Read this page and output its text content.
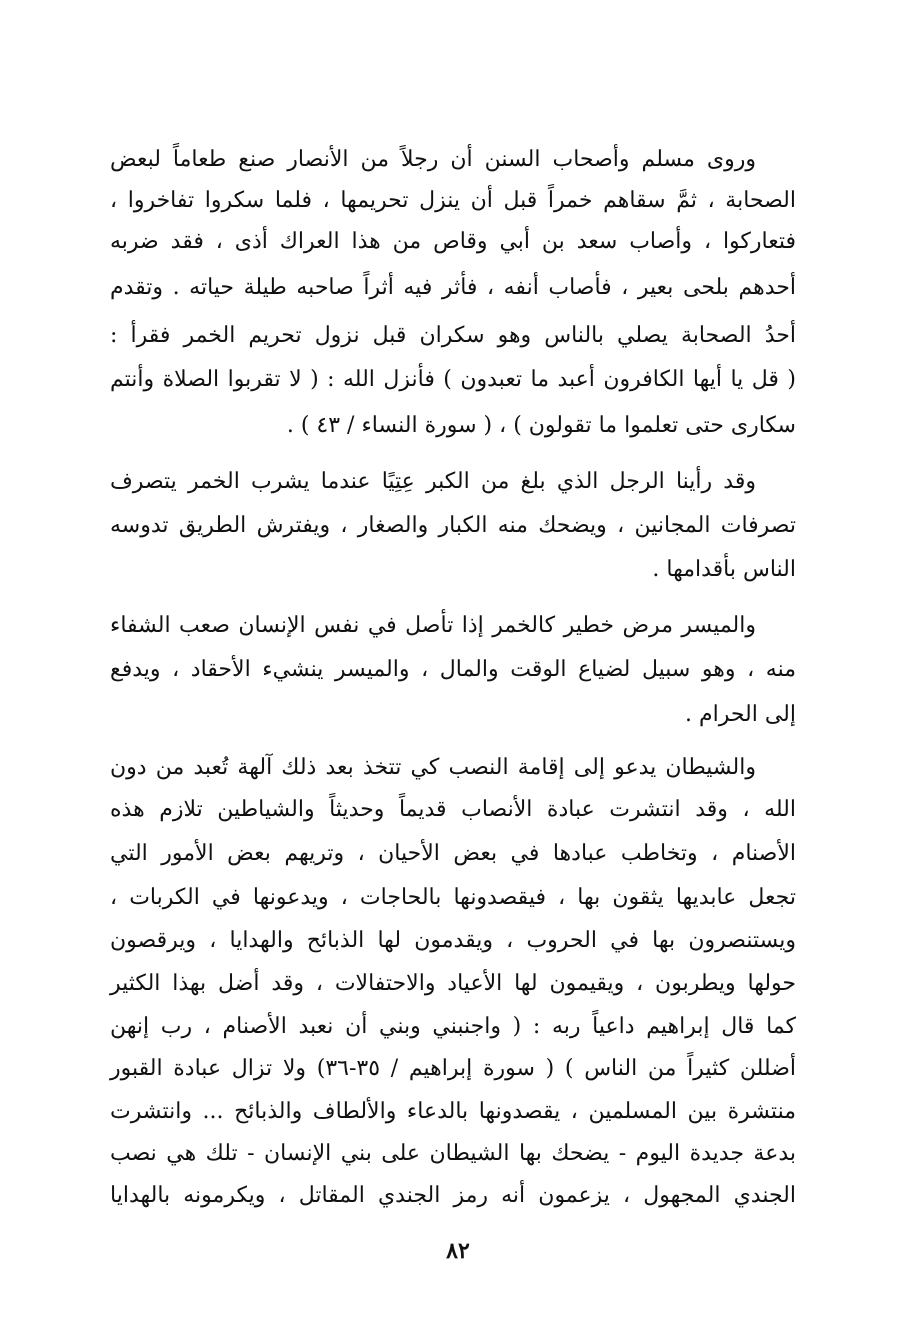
وروى مسلم وأصحاب السنن أن رجلاً من الأنصار صنع طعاماً لبعض
الصحابة ، ثمَّ سقاهم خمراً قبل أن ينزل تحريمها ، فلما سكروا تفاخروا ،
فتعاركوا ، وأصاب سعد بن أبي وقاص من هذا العراك أذى ، فقد ضربه
أحدهم بلحى بعير ، فأصاب أنفه ، فأثر فيه أثراً صاحبه طيلة حياته . وتقدم
أحدُ الصحابة يصلي بالناس وهو سكران قبل نزول تحريم الخمر فقرأ :
( قل يا أيها الكافرون أعبد ما تعبدون ) فأنزل الله : ( لا تقربوا الصلاة وأنتم
سكارى حتى تعلموا ما تقولون ) ، ( سورة النساء / ٤٣ ) .
وقد رأينا الرجل الذي بلغ من الكبر عِتِيًا عندما يشرب الخمر يتصرف
تصرفات المجانين ، ويضحك منه الكبار والصغار ، ويفترش الطريق تدوسه
الناس بأقدامها .
والميسر مرض خطير كالخمر إذا تأصل في نفس الإنسان صعب الشفاء
منه ، وهو سبيل لضياع الوقت والمال ، والميسر ينشيء الأحقاد ، ويدفع
إلى الحرام .
والشيطان يدعو إلى إقامة النصب كي تتخذ بعد ذلك آلهة تُعبد من دون
الله ، وقد انتشرت عبادة الأنصاب قديماً وحديثاً والشياطين تلازم هذه
الأصنام ، وتخاطب عبادها في بعض الأحيان ، وتريهم بعض الأمور التي
تجعل عابديها يثقون بها ، فيقصدونها بالحاجات ، ويدعونها في الكربات ،
ويستنصرون بها في الحروب ، ويقدمون لها الذبائح والهدايا ، ويرقصون
حولها ويطربون ، ويقيمون لها الأعياد والاحتفالات ، وقد أضل بهذا الكثير
كما قال إبراهيم داعياً ربه : ( واجنبني وبني أن نعبد الأصنام ، رب إنهن
أضللن كثيراً من الناس ) ( سورة إبراهيم / ٣٥-٣٦) ولا تزال عبادة القبور
منتشرة بين المسلمين ، يقصدونها بالدعاء والألطاف والذبائح ... وانتشرت
بدعة جديدة اليوم - يضحك بها الشيطان على بني الإنسان - تلك هي نصب
الجندي المجهول ، يزعمون أنه رمز الجندي المقاتل ، ويكرمونه بالهدايا
٨٢
